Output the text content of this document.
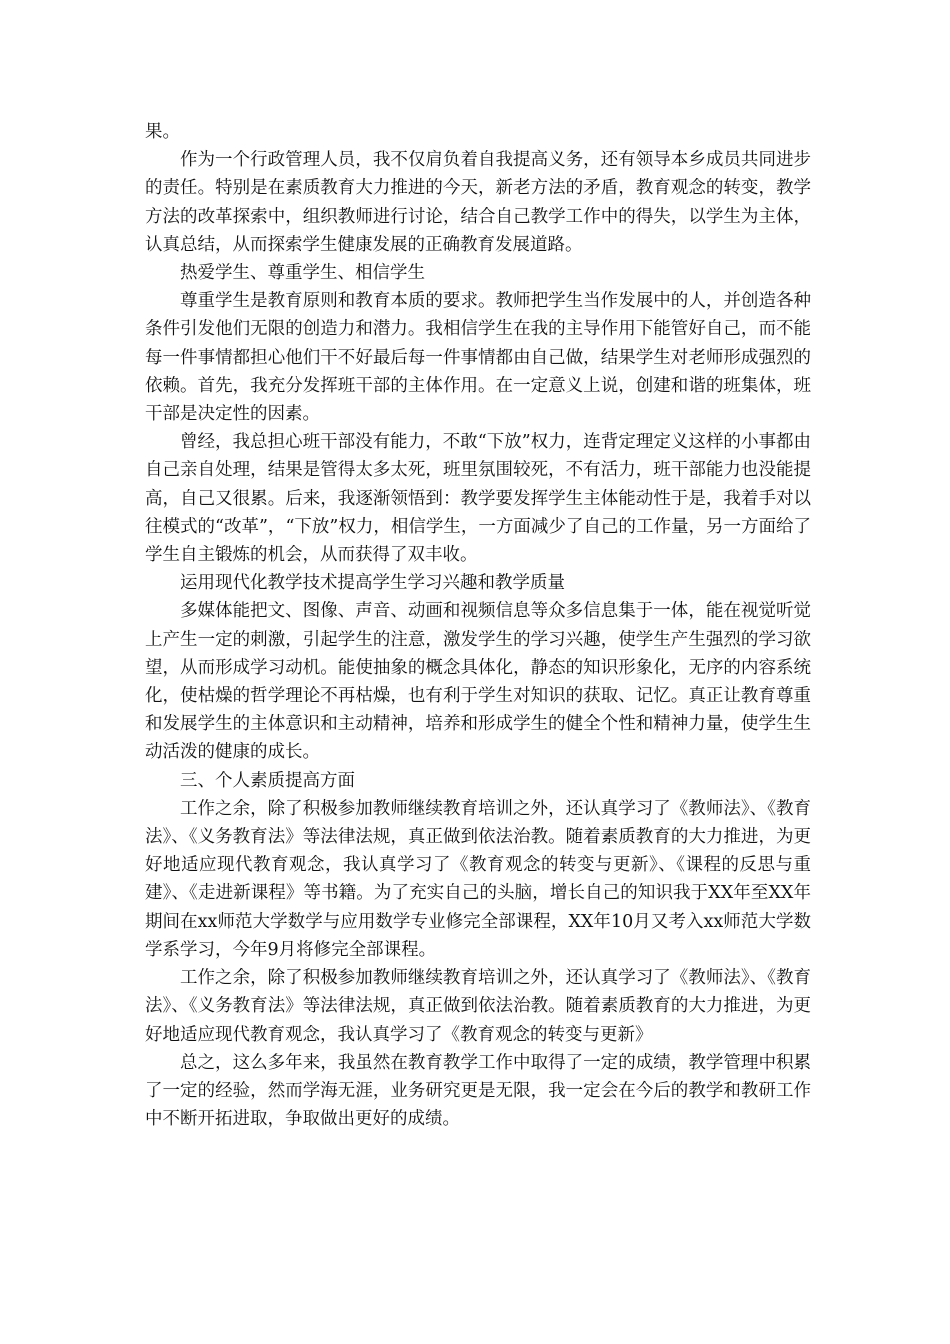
果。

作为一个行政管理人员，我不仅肩负着自我提高义务，还有领导本乡成员共同进步的责任。特别是在素质教育大力推进的今天，新老方法的矛盾，教育观念的转变，教学方法的改革探索中，组织教师进行讨论，结合自己教学工作中的得失，以学生为主体，认真总结，从而探索学生健康发展的正确教育发展道路。

热爱学生、尊重学生、相信学生

尊重学生是教育原则和教育本质的要求。教师把学生当作发展中的人，并创造各种条件引发他们无限的创造力和潜力。我相信学生在我的主导作用下能管好自己，而不能每一件事情都担心他们干不好最后每一件事情都由自己做，结果学生对老师形成强烈的依赖。首先，我充分发挥班干部的主体作用。在一定意义上说，创建和谐的班集体，班干部是决定性的因素。

曾经，我总担心班干部没有能力，不敢“下放”权力，连背定理定义这样的小事都由自己亲自处理，结果是管得太多太死，班里氛围较死，不有活力，班干部能力也没能提高，自己又很累。后来，我逐渐领悟到：教学要发挥学生主体能动性于是，我着手对以往模式的“改革”，“下放”权力，相信学生，一方面减少了自己的工作量，另一方面给了学生自主锻炼的机会，从而获得了双丰收。

运用现代化教学技术提高学生学习兴趣和教学质量

多媒体能把文、图像、声音、动画和视频信息等众多信息集于一体，能在视觉听觉上产生一定的刺激，引起学生的注意，激发学生的学习兴趣，使学生产生强烈的学习欲望，从而形成学习动机。能使抽象的概念具体化，静态的知识形象化，无序的内容系统化，使枯燥的哲学理论不再枯燥，也有利于学生对知识的获取、记忆。真正让教育尊重和发展学生的主体意识和主动精神，培养和形成学生的健全个性和精神力量，使学生生动活泼的健康的成长。

三、个人素质提高方面

工作之余，除了积极参加教师继续教育培训之外，还认真学习了《教师法》、《教育法》、《义务教育法》等法律法规，真正做到依法治教。随着素质教育的大力推进，为更好地适应现代教育观念，我认真学习了《教育观念的转变与更新》、《课程的反思与重建》、《走进新课程》等书籍。为了充实自己的头脑，增长自己的知识我于XX年至XX年期间在xx师范大学数学与应用数学专业修完全部课程，XX年10月又考入xx师范大学数学系学习，今年9月将修完全部课程。

工作之余，除了积极参加教师继续教育培训之外，还认真学习了《教师法》、《教育法》、《义务教育法》等法律法规，真正做到依法治教。随着素质教育的大力推进，为更好地适应现代教育观念，我认真学习了《教育观念的转变与更新》

总之，这么多年来，我虽然在教育教学工作中取得了一定的成绩，教学管理中积累了一定的经验，然而学海无涯，业务研究更是无限，我一定会在今后的教学和教研工作中不断开拓进取，争取做出更好的成绩。
